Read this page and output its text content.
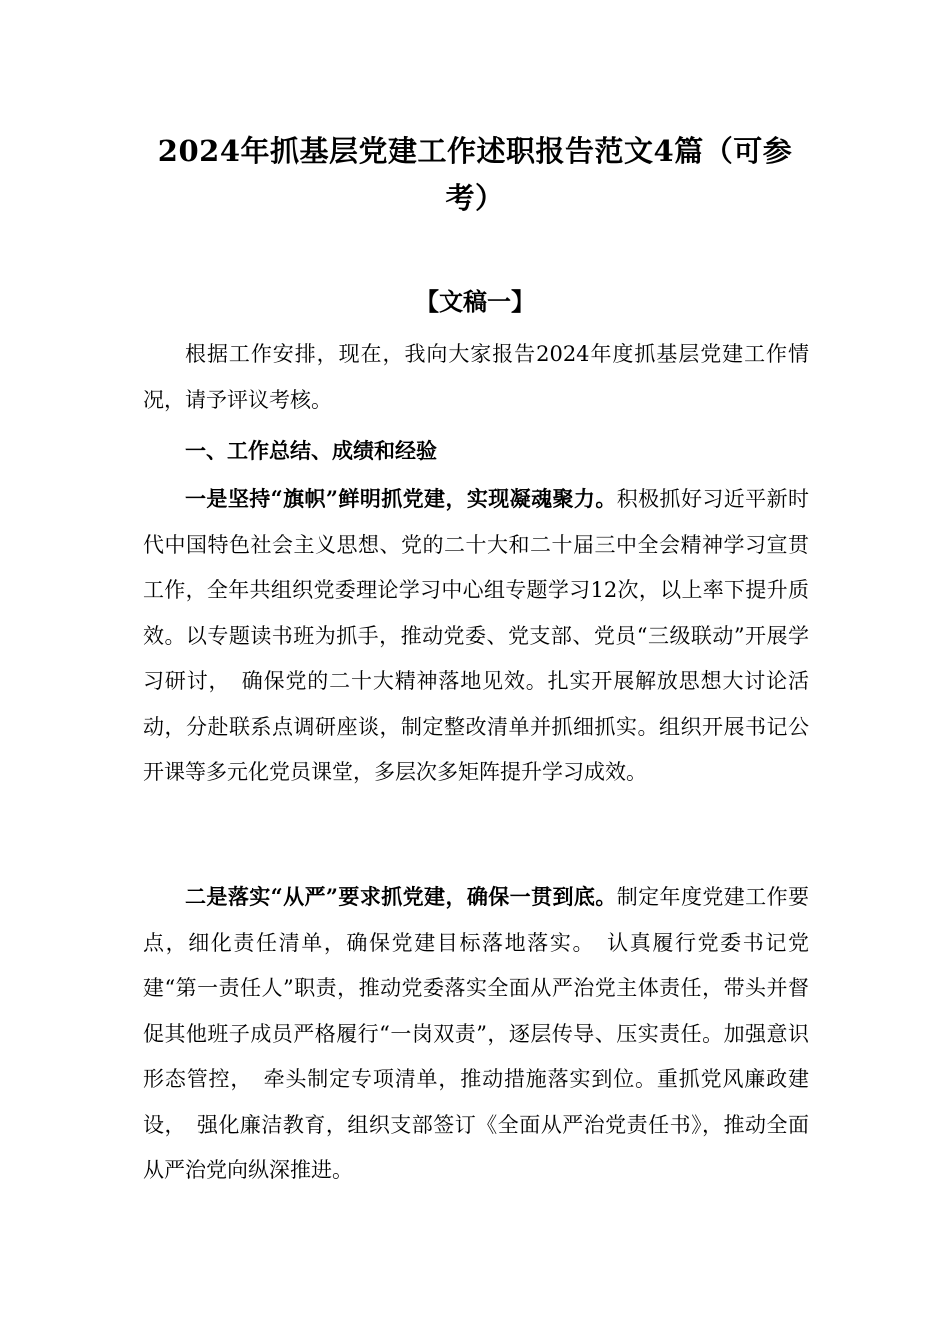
2024年抓基层党建工作述职报告范文4篇（可参考）
【文稿一】

根据工作安排，现在，我向大家报告2024年度抓基层党建工作情况，请予评议考核。

一、工作总结、成绩和经验

一是坚持“旗帜”鲜明抓党建，实现凝魂聚力。积极抓好习近平新时代中国特色社会主义思想、党的二十大和二十届三中全会精神学习宣贯工作，全年共组织党委理论学习中心组专题学习12次，以上率下提升质效。以专题读书班为抓手，推动党委、党支部、党员“三级联动”开展学习研讨，　确保党的二十大精神落地见效。扎实开展解放思想大讨论活动，分赴联系点调研座谈，制定整改清单并抓细抓实。组织开展书记公开课等多元化党员课堂，多层次多矩阵提升学习成效。

二是落实“从严”要求抓党建，确保一贯到底。制定年度党建工作要点，细化责任清单，确保党建目标落地落实。　认真履行党委书记党建“第一责任人”职责，推动党委落实全面从严治党主体责任，带头并督促其他班子成员严格履行“一岗双责”，逐层传导、压实责任。加强意识形态管控，　牵头制定专项清单，推动措施落实到位。重抓党风廉政建设，　强化廉洁教育，组织支部签订《全面从严治党责任书》，推动全面从严治党向纵深推进。
